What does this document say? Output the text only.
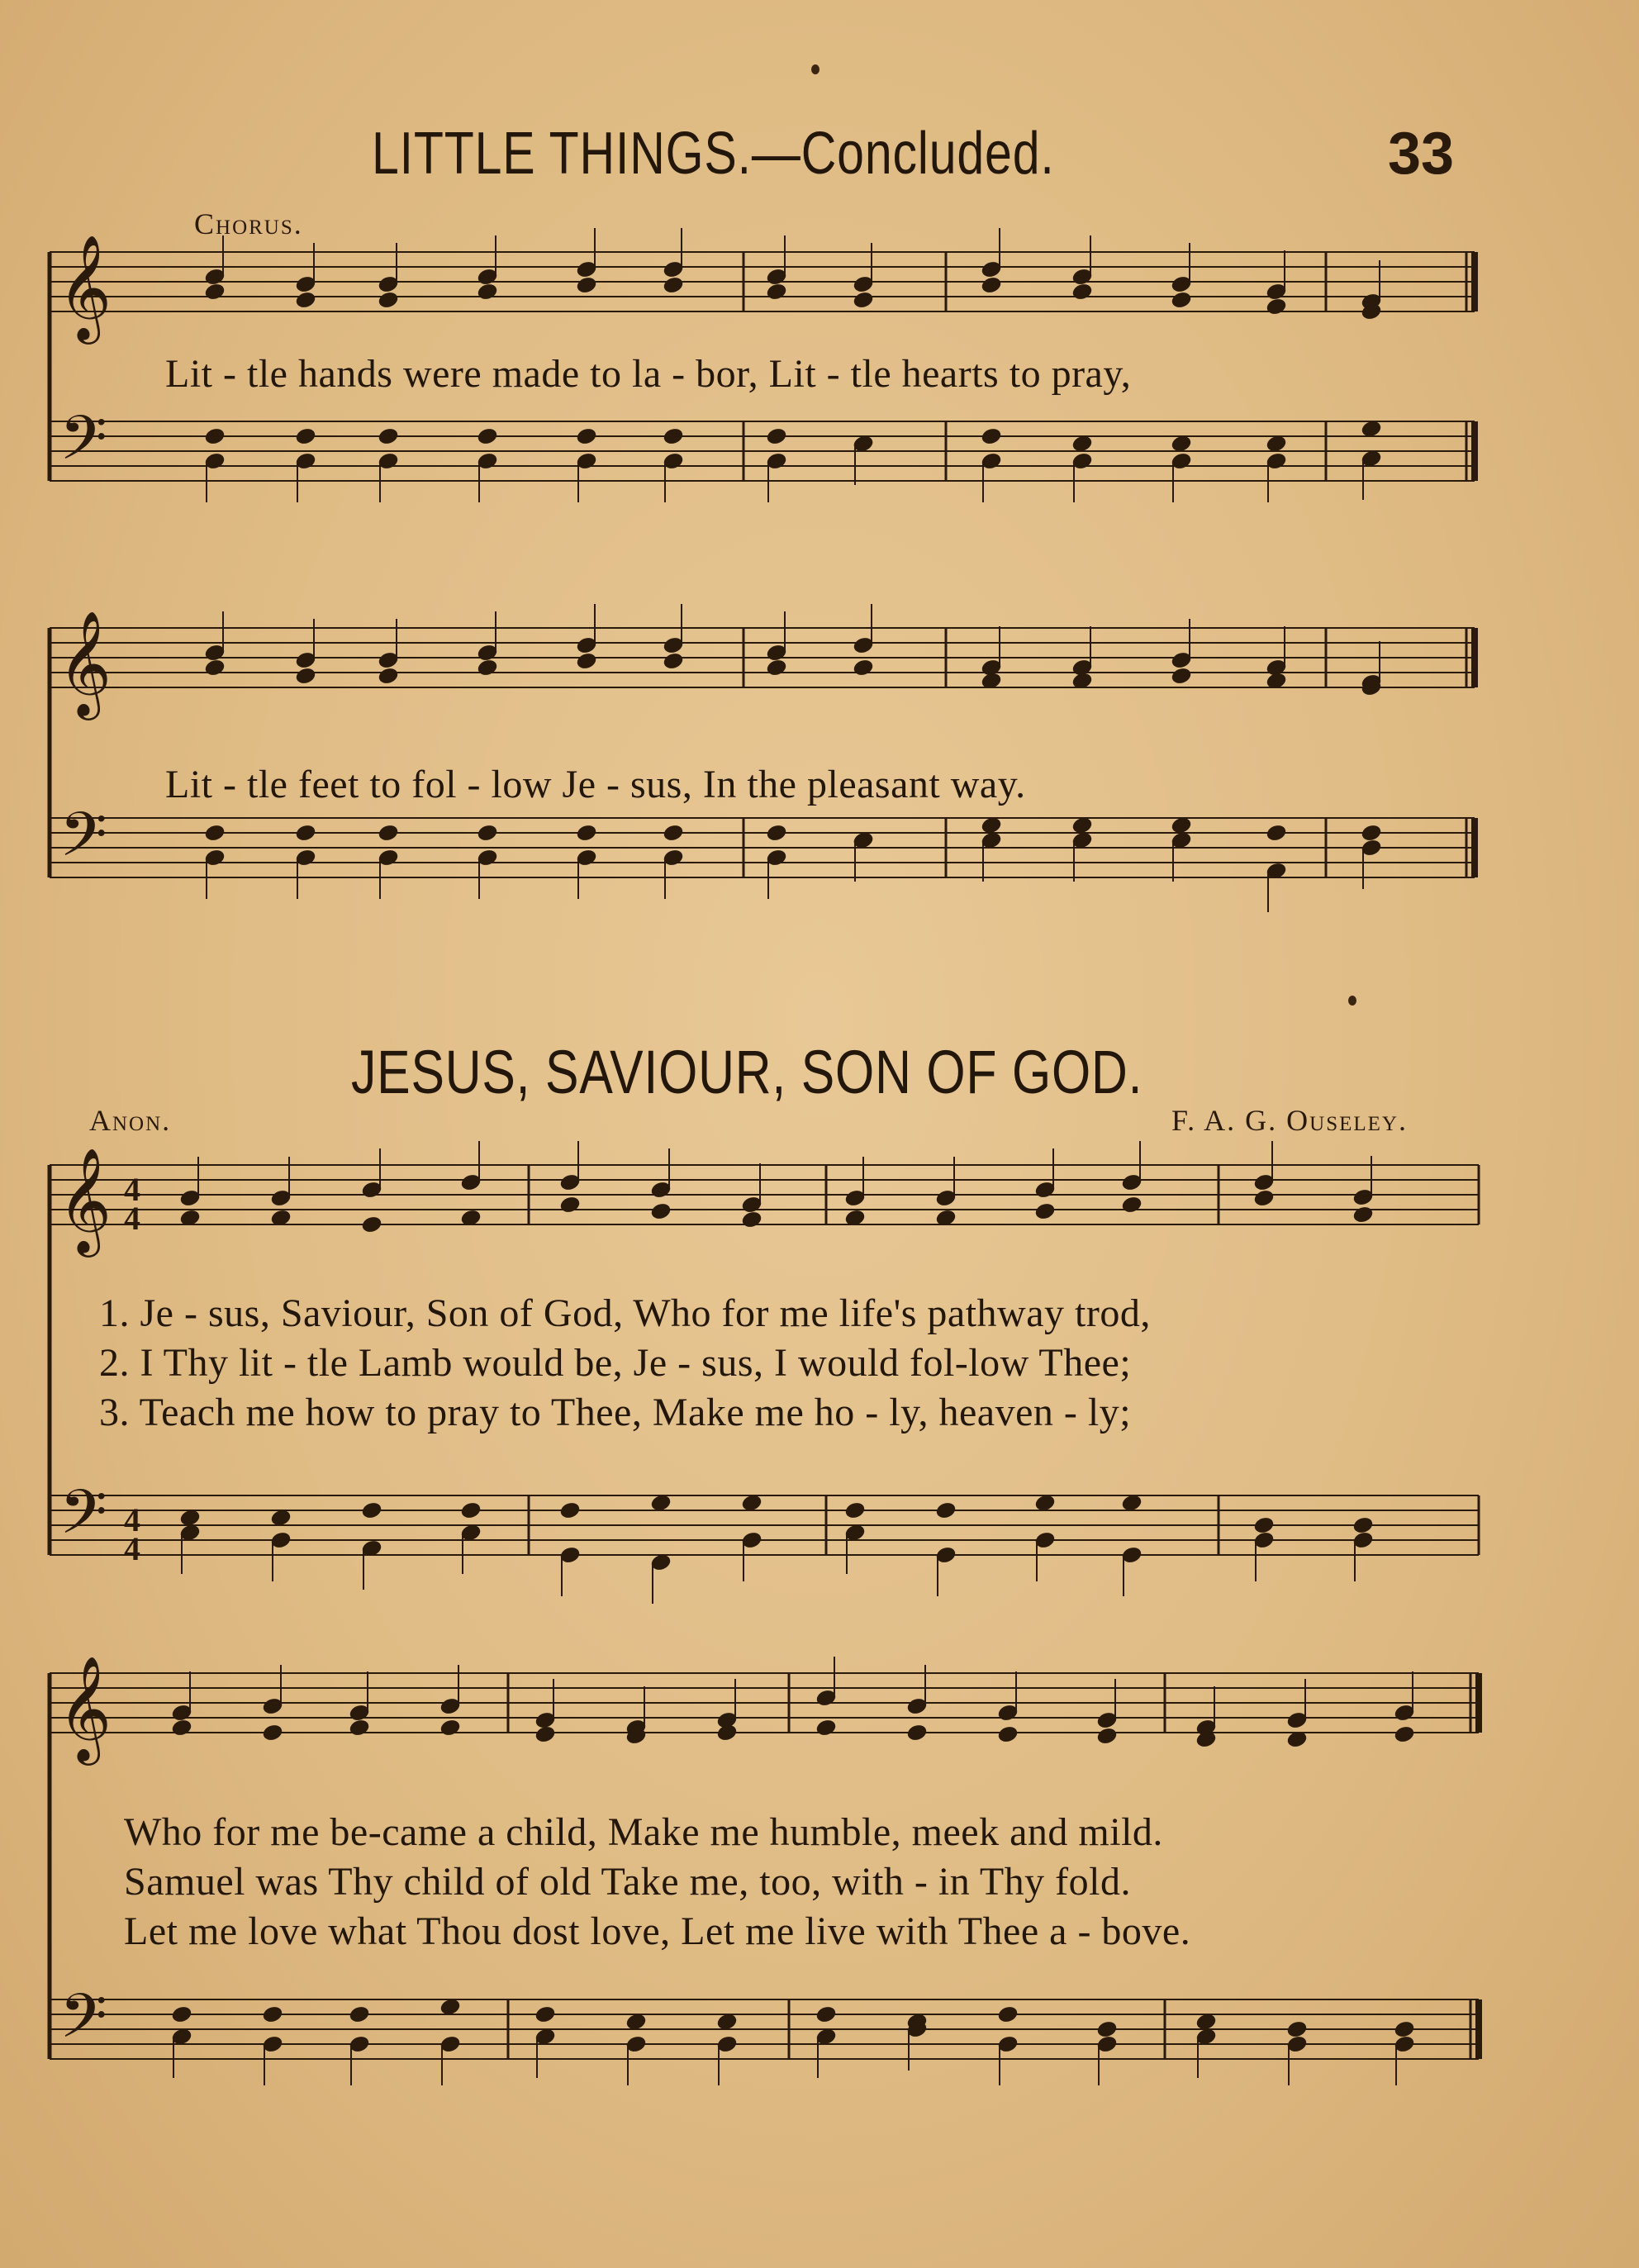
LITTLE THINGS.—Concluded.	33
Chorus.
Lit - tle hands were made to la - bor, Lit - tle hearts to pray,
Lit - tle feet to fol - low Je - sus, In the pleasant way.
JESUS, SAVIOUR, SON OF GOD.
Anon.	F. A. G. Ouseley.
1. Je - sus, Saviour, Son of God, Who for me life's pathway trod,
2. I Thy lit - tle Lamb would be, Je - sus, I would fol-low Thee;
3. Teach me how to pray to Thee, Make me ho - ly, heaven - ly;
Who for me be-came a child, Make me humble, meek and mild.
Samuel was Thy child of old Take me, too, with - in Thy fold.
Let me love what Thou dost love, Let me live with Thee a - bove.
𝄞
𝄢
𝄞
𝄢
𝄞
𝄢
4
4
4
4
𝄞
𝄢
